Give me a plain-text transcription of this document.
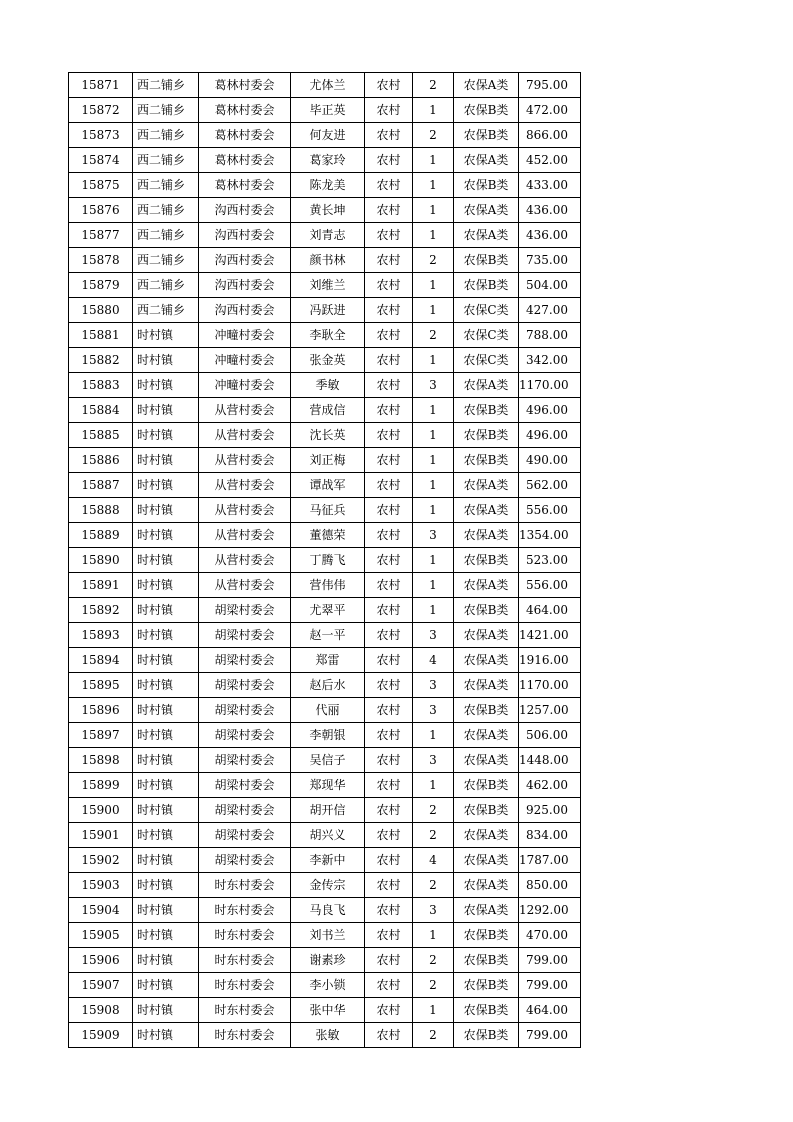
15871	西二铺乡	葛林村委会	尤体兰	农村	2	农保A类	795.00
15872	西二铺乡	葛林村委会	毕正英	农村	1	农保B类	472.00
15873	西二铺乡	葛林村委会	何友进	农村	2	农保B类	866.00
15874	西二铺乡	葛林村委会	葛家玲	农村	1	农保A类	452.00
15875	西二铺乡	葛林村委会	陈龙美	农村	1	农保B类	433.00
15876	西二铺乡	沟西村委会	黄长坤	农村	1	农保A类	436.00
15877	西二铺乡	沟西村委会	刘青志	农村	1	农保A类	436.00
15878	西二铺乡	沟西村委会	颜书林	农村	2	农保B类	735.00
15879	西二铺乡	沟西村委会	刘维兰	农村	1	农保B类	504.00
15880	西二铺乡	沟西村委会	冯跃进	农村	1	农保C类	427.00
15881	时村镇	冲疃村委会	李耿全	农村	2	农保C类	788.00
15882	时村镇	冲疃村委会	张金英	农村	1	农保C类	342.00
15883	时村镇	冲疃村委会	季敏	农村	3	农保A类	1170.00
15884	时村镇	从营村委会	营成信	农村	1	农保B类	496.00
15885	时村镇	从营村委会	沈长英	农村	1	农保B类	496.00
15886	时村镇	从营村委会	刘正梅	农村	1	农保B类	490.00
15887	时村镇	从营村委会	谭战军	农村	1	农保A类	562.00
15888	时村镇	从营村委会	马征兵	农村	1	农保A类	556.00
15889	时村镇	从营村委会	董德荣	农村	3	农保A类	1354.00
15890	时村镇	从营村委会	丁腾飞	农村	1	农保B类	523.00
15891	时村镇	从营村委会	营伟伟	农村	1	农保A类	556.00
15892	时村镇	胡梁村委会	尤翠平	农村	1	农保B类	464.00
15893	时村镇	胡梁村委会	赵一平	农村	3	农保A类	1421.00
15894	时村镇	胡梁村委会	郑雷	农村	4	农保A类	1916.00
15895	时村镇	胡梁村委会	赵后水	农村	3	农保A类	1170.00
15896	时村镇	胡梁村委会	代丽	农村	3	农保B类	1257.00
15897	时村镇	胡梁村委会	李朝银	农村	1	农保A类	506.00
15898	时村镇	胡梁村委会	吴信子	农村	3	农保A类	1448.00
15899	时村镇	胡梁村委会	郑现华	农村	1	农保B类	462.00
15900	时村镇	胡梁村委会	胡开信	农村	2	农保B类	925.00
15901	时村镇	胡梁村委会	胡兴义	农村	2	农保A类	834.00
15902	时村镇	胡梁村委会	李新中	农村	4	农保A类	1787.00
15903	时村镇	时东村委会	金传宗	农村	2	农保A类	850.00
15904	时村镇	时东村委会	马良飞	农村	3	农保A类	1292.00
15905	时村镇	时东村委会	刘书兰	农村	1	农保B类	470.00
15906	时村镇	时东村委会	谢素珍	农村	2	农保B类	799.00
15907	时村镇	时东村委会	李小锁	农村	2	农保B类	799.00
15908	时村镇	时东村委会	张中华	农村	1	农保B类	464.00
15909	时村镇	时东村委会	张敏	农村	2	农保B类	799.00
